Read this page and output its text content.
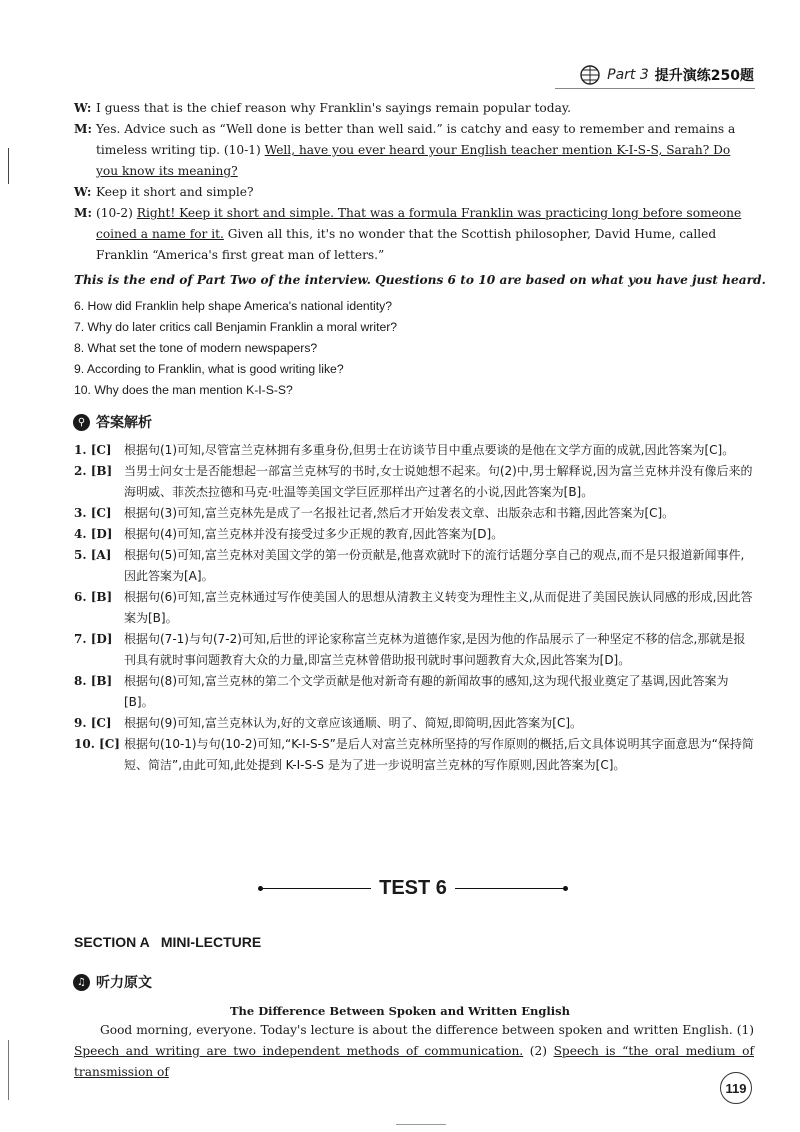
Part 3 提升演练250题
W: I guess that is the chief reason why Franklin's sayings remain popular today.
M: Yes. Advice such as “Well done is better than well said.” is catchy and easy to remember and remains a timeless writing tip. (10-1) Well, have you ever heard your English teacher mention K-I-S-S, Sarah? Do you know its meaning?
W: Keep it short and simple?
M: (10-2) Right! Keep it short and simple. That was a formula Franklin was practicing long before someone coined a name for it. Given all this, it's no wonder that the Scottish philosopher, David Hume, called Franklin “America's first great man of letters.”
This is the end of Part Two of the interview. Questions 6 to 10 are based on what you have just heard.
6. How did Franklin help shape America's national identity?
7. Why do later critics call Benjamin Franklin a moral writer?
8. What set the tone of modern newspapers?
9. According to Franklin, what is good writing like?
10. Why does the man mention K-I-S-S?
⚲ 答案解析
1. [C] 根据句(1)可知,尽管富兰克林拥有多重身份,但男士在访谈节目中重点要谈的是他在文学方面的成就,因此答案为[C]。
2. [B] 当男士问女士是否能想起一部富兰克林写的书时,女士说她想不起来。句(2)中,男士解释说,因为富兰克林并没有像后来的海明威、菲茨杰拉德和马克·吐温等美国文学巨匠那样出产过著名的小说,因此答案为[B]。
3. [C] 根据句(3)可知,富兰克林先是成了一名报社记者,然后才开始发表文章、出版杂志和书籍,因此答案为[C]。
4. [D] 根据句(4)可知,富兰克林并没有接受过多少正规的教育,因此答案为[D]。
5. [A] 根据句(5)可知,富兰克林对美国文学的第一份贡献是,他喜欢就时下的流行话题分享自己的观点,而不是只报道新闻事件,因此答案为[A]。
6. [B] 根据句(6)可知,富兰克林通过写作使美国人的思想从清教主义转变为理性主义,从而促进了美国民族认同感的形成,因此答案为[B]。
7. [D] 根据句(7-1)与句(7-2)可知,后世的评论家称富兰克林为道德作家,是因为他的作品展示了一种坚定不移的信念,那就是报刊具有就时事问题教育大众的力量,即富兰克林曾借助报刊就时事问题教育大众,因此答案为[D]。
8. [B] 根据句(8)可知,富兰克林的第二个文学贡献是他对新奇有趣的新闻故事的感知,这为现代报业奠定了基调,因此答案为[B]。
9. [C] 根据句(9)可知,富兰克林认为,好的文章应该通顺、明了、简短,即简明,因此答案为[C]。
10. [C] 根据句(10-1)与句(10-2)可知,“K-I-S-S”是后人对富兰克林所坚持的写作原则的概括,后文具体说明其字面意思为“保持简短、简洁”,由此可知,此处提到 K-I-S-S 是为了进一步说明富兰克林的写作原则,因此答案为[C]。
TEST 6
SECTION A   MINI-LECTURE
♫ 听力原文
The Difference Between Spoken and Written English
Good morning, everyone. Today's lecture is about the difference between spoken and written English. (1) Speech and writing are two independent methods of communication. (2) Speech is “the oral medium of transmission of
119
